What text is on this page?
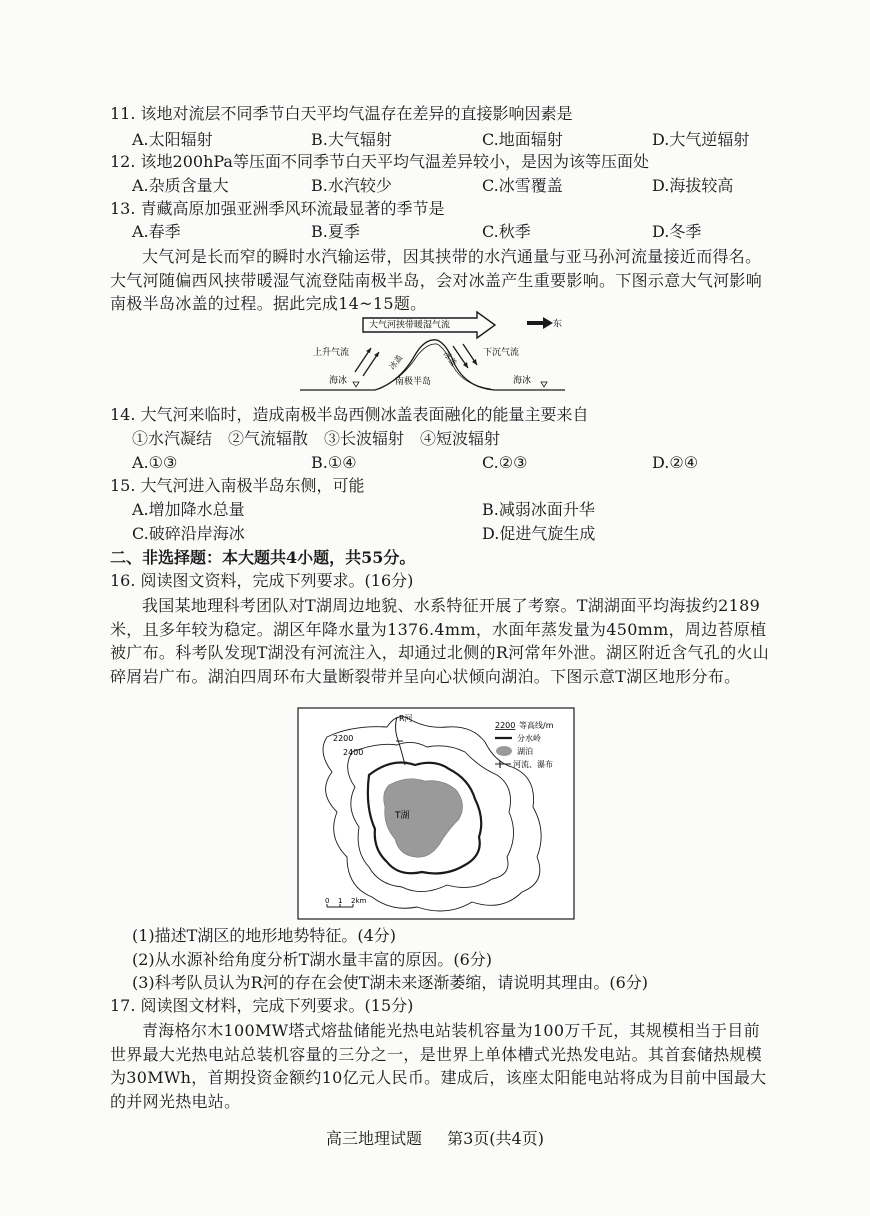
11. 该地对流层不同季节白天平均气温存在差异的直接影响因素是
A.太阳辐射	B.大气辐射	C.地面辐射	D.大气逆辐射
12. 该地200hPa等压面不同季节白天平均气温差异较小，是因为该等压面处
A.杂质含量大	B.水汽较少	C.冰雪覆盖	D.海拔较高
13. 青藏高原加强亚洲季风环流最显著的季节是
A.春季	B.夏季	C.秋季	D.冬季
大气河是长而窄的瞬时水汽输运带，因其挟带的水汽通量与亚马孙河流量接近而得名。大气河随偏西风挟带暖湿气流登陆南极半岛，会对冰盖产生重要影响。下图示意大气河影响南极半岛冰盖的过程。据此完成14~15题。
大气河挟带暖湿气流	东
上升气流	下沉气流
冰盖	冰盖
海冰	海冰
南极半岛
14. 大气河来临时，造成南极半岛西侧冰盖表面融化的能量主要来自
①水汽凝结　②气流辐散　③长波辐射　④短波辐射
A.①③	B.①④	C.②③	D.②④
15. 大气河进入南极半岛东侧，可能
A.增加降水总量	B.减弱冰面升华
C.破碎沿岸海冰	D.促进气旋生成
二、非选择题：本大题共4小题，共55分。
16. 阅读图文资料，完成下列要求。(16分)
我国某地理科考团队对T湖周边地貌、水系特征开展了考察。T湖湖面平均海拔约2189米，且多年较为稳定。湖区年降水量为1376.4mm，水面年蒸发量为450mm，周边苔原植被广布。科考队发现T湖没有河流注入，却通过北侧的R河常年外泄。湖区附近含气孔的火山碎屑岩广布。湖泊四周环布大量断裂带并呈向心状倾向湖泊。下图示意T湖区地形分布。
T湖
R河
2200
2400
2200 等高线/m
分水岭
湖泊
河流、瀑布
0 1 2km
(1)描述T湖区的地形地势特征。(4分)
(2)从水源补给角度分析T湖水量丰富的原因。(6分)
(3)科考队员认为R河的存在会使T湖未来逐渐萎缩，请说明其理由。(6分)
17. 阅读图文材料，完成下列要求。(15分)
青海格尔木100MW塔式熔盐储能光热电站装机容量为100万千瓦，其规模相当于目前世界最大光热电站总装机容量的三分之一，是世界上单体槽式光热发电站。其首套储热规模为30MWh，首期投资金额约10亿元人民币。建成后，该座太阳能电站将成为目前中国最大的并网光热电站。
高三地理试题 第3页(共4页)
